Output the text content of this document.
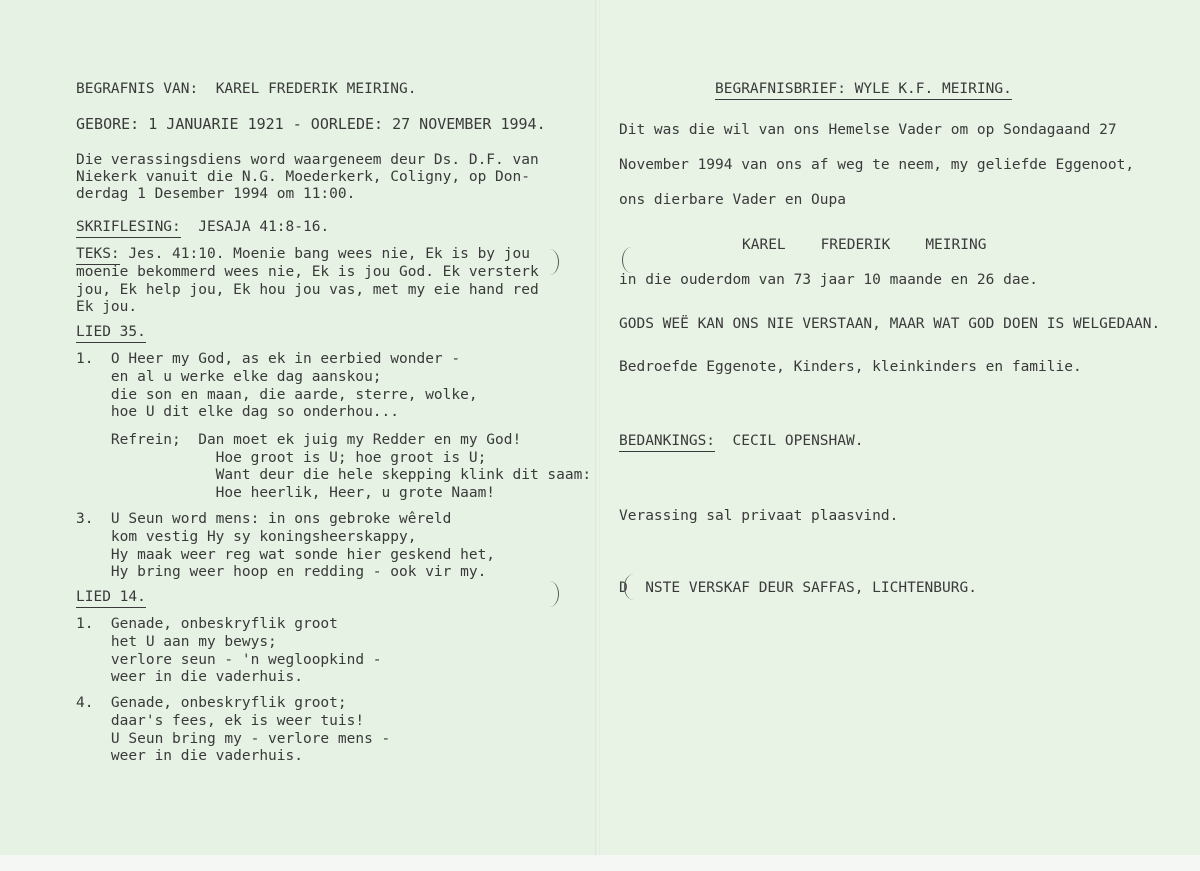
BEGRAFNIS VAN: KAREL FREDERIK MEIRING.
GEBORE: 1 JANUARIE 1921 - OORLEDE: 27 NOVEMBER 1994.
Die verassingsdiens word waargeneem deur Ds. D.F. van
Niekerk vanuit die N.G. Moederkerk, Coligny, op Don-
derdag 1 Desember 1994 om 11:00.
SKRIFLESING: JESAJA 41:8-16.
TEKS: Jes. 41:10. Moenie bang wees nie, Ek is by jou
moenie bekommerd wees nie, Ek is jou God. Ek versterk
jou, Ek help jou, Ek hou jou vas, met my eie hand red
Ek jou.
LIED 35.
1.  O Heer my God, as ek in eerbied wonder -
en al u werke elke dag aanskou;
die son en maan, die aarde, sterre, wolke,
hoe U dit elke dag so onderhou...
Refrein;  Dan moet ek juig my Redder en my God!
Hoe groot is U; hoe groot is U;
Want deur die hele skepping klink dit saam:
Hoe heerlik, Heer, u grote Naam!
3.  U Seun word mens: in ons gebroke wêreld
kom vestig Hy sy koningsheerskappy,
Hy maak weer reg wat sonde hier geskend het,
Hy bring weer hoop en redding - ook vir my.
LIED 14.
1.  Genade, onbeskryflik groot
het U aan my bewys;
verlore seun - 'n wegloopkind -
weer in die vaderhuis.
4.  Genade, onbeskryflik groot;
daar's fees, ek is weer tuis!
U Seun bring my - verlore mens -
weer in die vaderhuis.
BEGRAFNISBRIEF: WYLE K.F. MEIRING.
Dit was die wil van ons Hemelse Vader om op Sondagaand 27
November 1994 van ons af weg te neem, my geliefde Eggenoot,
ons dierbare Vader en Oupa
KAREL    FREDERIK    MEIRING
in die ouderdom van 73 jaar 10 maande en 26 dae.
GODS WEË KAN ONS NIE VERSTAAN, MAAR WAT GOD DOEN IS WELGEDAAN.
Bedroefde Eggenote, Kinders, kleinkinders en familie.
BEDANKINGS: CECIL OPENSHAW.
Verassing sal privaat plaasvind.
D NSTE VERSKAF DEUR SAFFAS, LICHTENBURG.
